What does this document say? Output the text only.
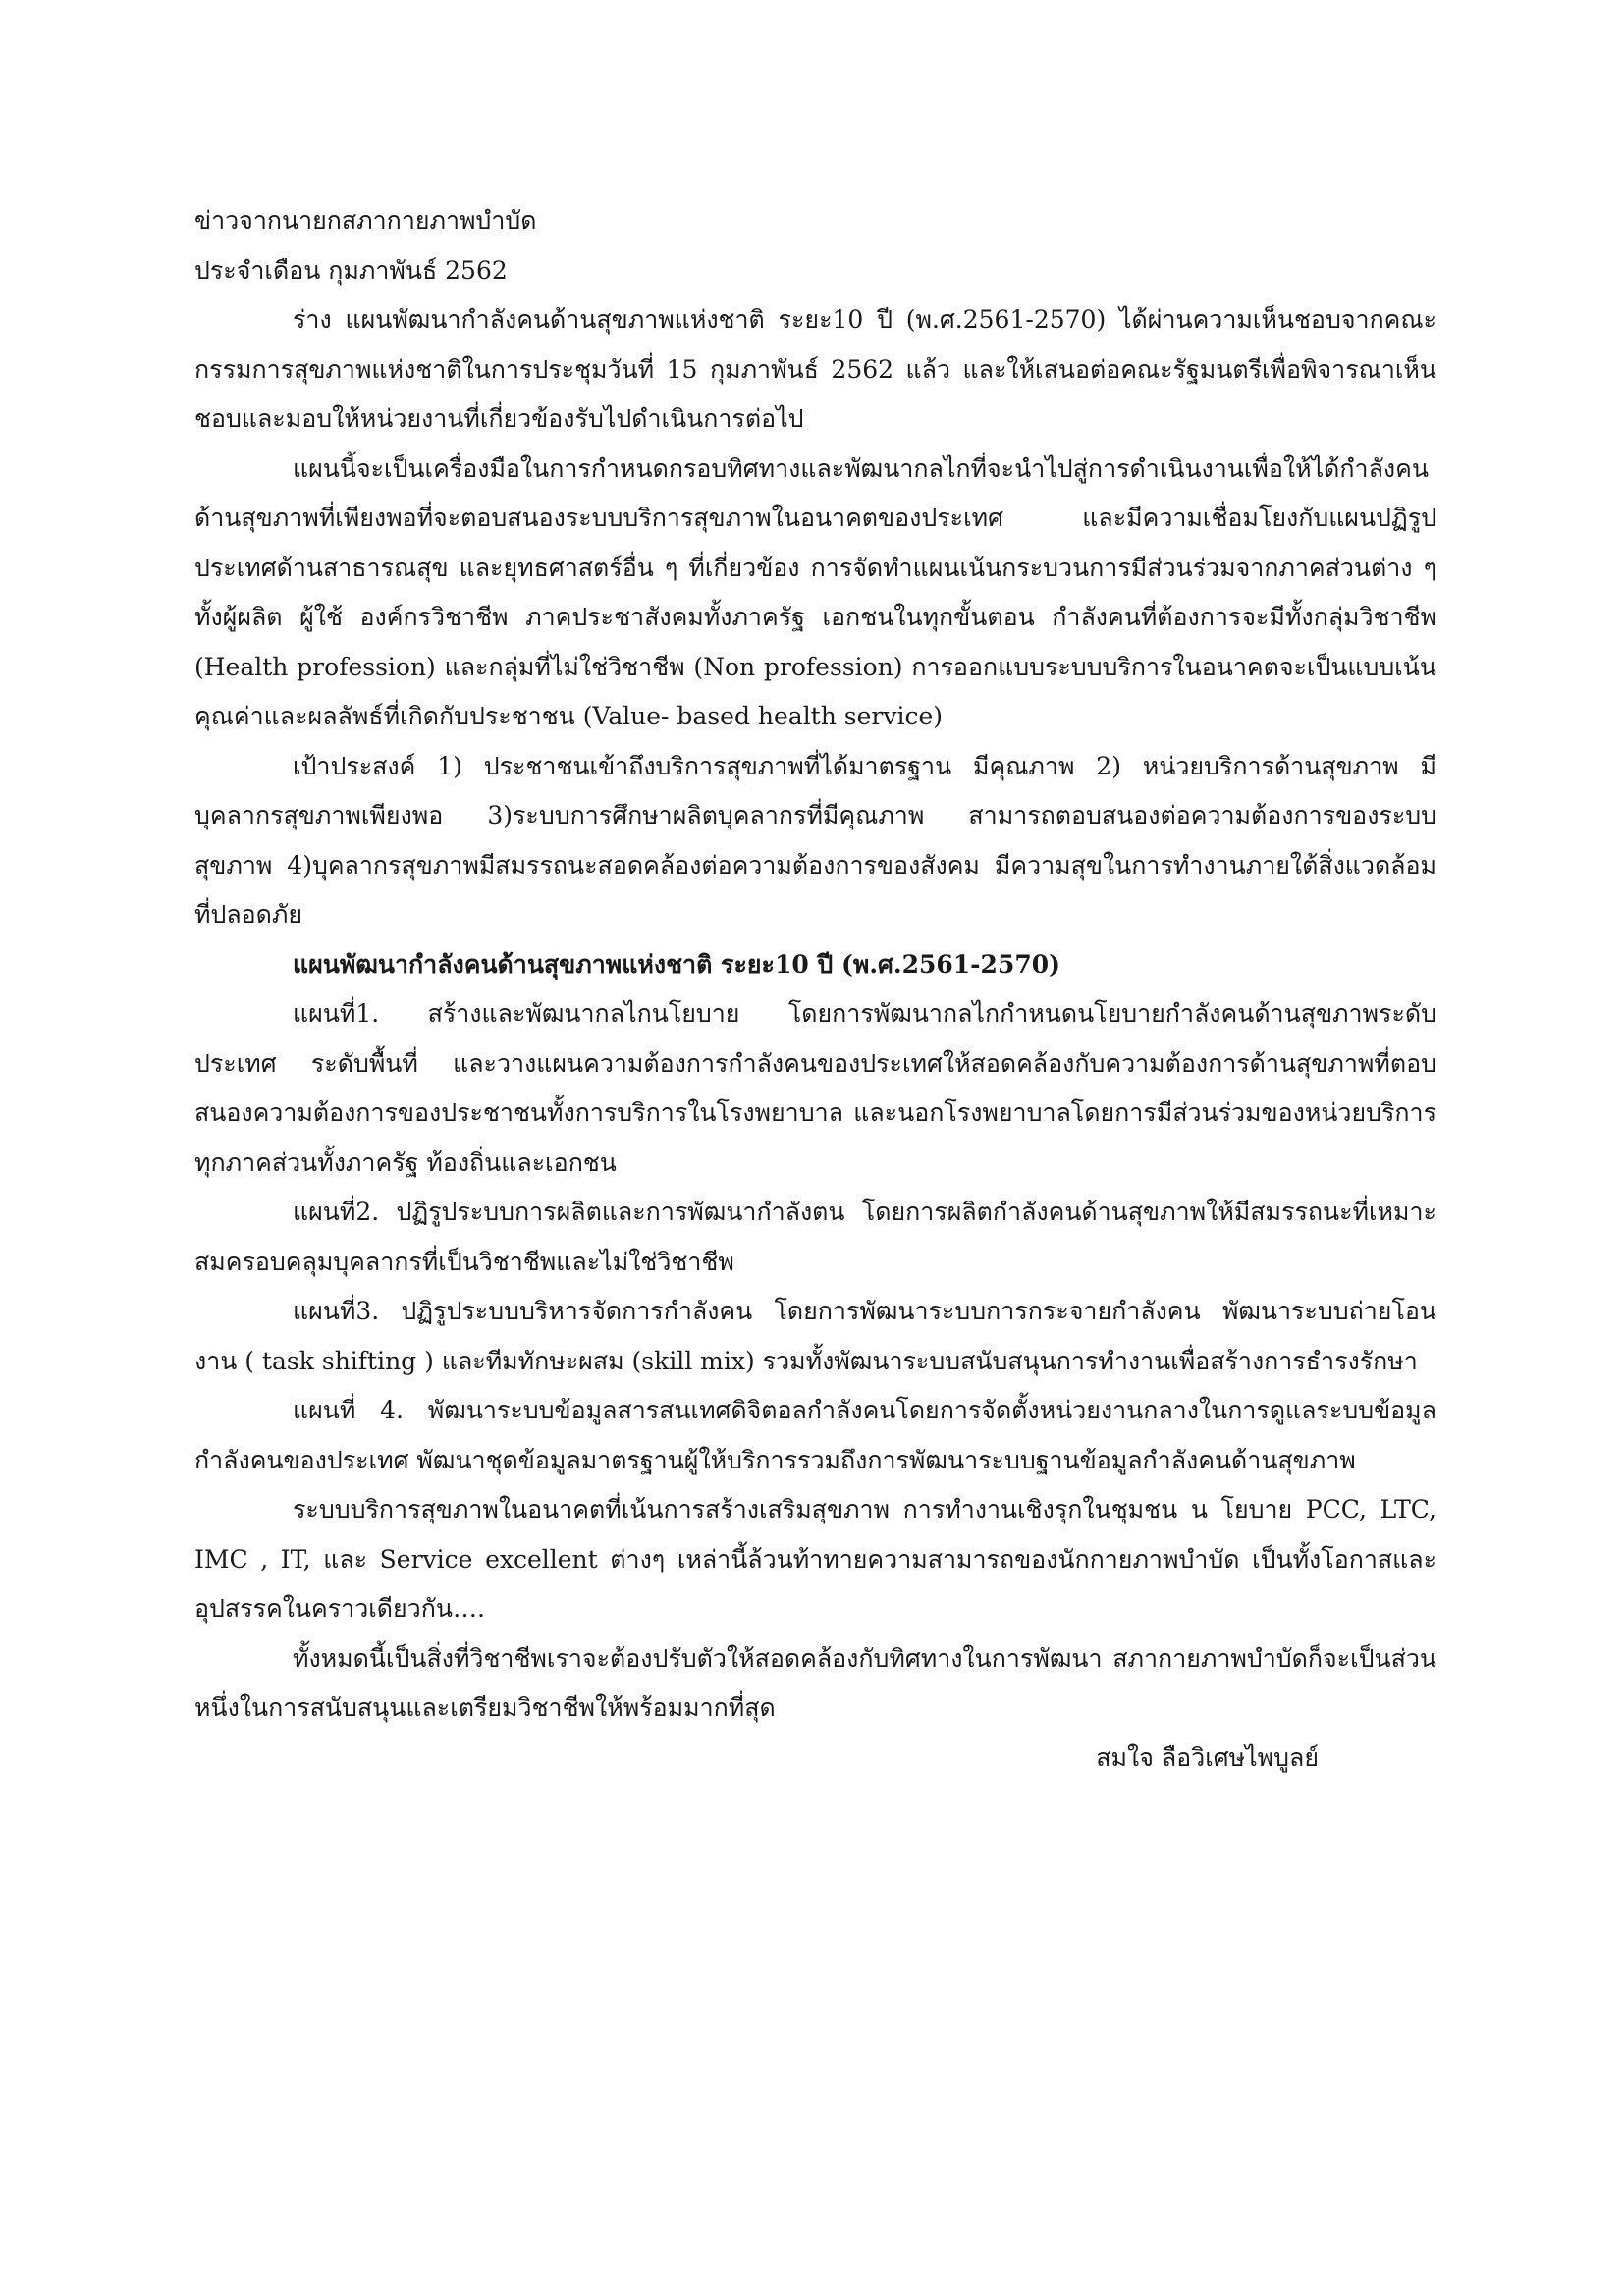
ข่าวจากนายกสภากายภาพบำบัด

ประจำเดือน กุมภาพันธ์ 2562

ร่าง แผนพัฒนากำลังคนด้านสุขภาพแห่งชาติ ระยะ10 ปี (พ.ศ.2561-2570) ได้ผ่านความเห็นชอบจากคณะกรรมการสุขภาพแห่งชาติในการประชุมวันที่ 15 กุมภาพันธ์ 2562 แล้ว และให้เสนอต่อคณะรัฐมนตรีเพื่อพิจารณาเห็นชอบและมอบให้หน่วยงานที่เกี่ยวข้องรับไปดำเนินการต่อไป

แผนนี้จะเป็นเครื่องมือในการกำหนดกรอบทิศทางและพัฒนากลไกที่จะนำไปสู่การดำเนินงานเพื่อให้ได้กำลังคนด้านสุขภาพที่เพียงพอที่จะตอบสนองระบบบริการสุขภาพในอนาคตของประเทศ และมีความเชื่อมโยงกับแผนปฏิรูปประเทศด้านสาธารณสุข และยุทธศาสตร์อื่น ๆ ที่เกี่ยวข้อง การจัดทำแผนเน้นกระบวนการมีส่วนร่วมจากภาคส่วนต่าง ๆ ทั้งผู้ผลิต ผู้ใช้ องค์กรวิชาชีพ ภาคประชาสังคมทั้งภาครัฐ เอกชนในทุกขั้นตอน กำลังคนที่ต้องการจะมีทั้งกลุ่มวิชาชีพ (Health profession) และกลุ่มที่ไม่ใช่วิชาชีพ (Non profession) การออกแบบระบบบริการในอนาคตจะเป็นแบบเน้นคุณค่าและผลลัพธ์ที่เกิดกับประชาชน (Value- based health service)

เป้าประสงค์ 1) ประชาชนเข้าถึงบริการสุขภาพที่ได้มาตรฐาน มีคุณภาพ 2) หน่วยบริการด้านสุขภาพ มีบุคลากรสุขภาพเพียงพอ 3)ระบบการศึกษาผลิตบุคลากรที่มีคุณภาพ สามารถตอบสนองต่อความต้องการของระบบสุขภาพ 4)บุคลากรสุขภาพมีสมรรถนะสอดคล้องต่อความต้องการของสังคม มีความสุขในการทำงานภายใต้สิ่งแวดล้อมที่ปลอดภัย

แผนพัฒนากำลังคนด้านสุขภาพแห่งชาติ ระยะ10 ปี (พ.ศ.2561-2570)

แผนที่1. สร้างและพัฒนากลไกนโยบาย โดยการพัฒนากลไกกำหนดนโยบายกำลังคนด้านสุขภาพระดับประเทศ ระดับพื้นที่ และวางแผนความต้องการกำลังคนของประเทศให้สอดคล้องกับความต้องการด้านสุขภาพที่ตอบสนองความต้องการของประชาชนทั้งการบริการในโรงพยาบาล และนอกโรงพยาบาลโดยการมีส่วนร่วมของหน่วยบริการทุกภาคส่วนทั้งภาครัฐ ท้องถิ่นและเอกชน

แผนที่2. ปฏิรูประบบการผลิตและการพัฒนากำลังตน โดยการผลิตกำลังคนด้านสุขภาพให้มีสมรรถนะที่เหมาะสมครอบคลุมบุคลากรที่เป็นวิชาชีพและไม่ใช่วิชาชีพ

แผนที่3. ปฏิรูประบบบริหารจัดการกำลังคน โดยการพัฒนาระบบการกระจายกำลังคน พัฒนาระบบถ่ายโอนงาน ( task shifting ) และทีมทักษะผสม (skill mix) รวมทั้งพัฒนาระบบสนับสนุนการทำงานเพื่อสร้างการธำรงรักษา

แผนที่ 4. พัฒนาระบบข้อมูลสารสนเทศดิจิตอลกำลังคนโดยการจัดตั้งหน่วยงานกลางในการดูแลระบบข้อมูลกำลังคนของประเทศ พัฒนาชุดข้อมูลมาตรฐานผู้ให้บริการรวมถึงการพัฒนาระบบฐานข้อมูลกำลังคนด้านสุขภาพ

ระบบบริการสุขภาพในอนาคตที่เน้นการสร้างเสริมสุขภาพ การทำงานเชิงรุกในชุมชน น โยบาย PCC, LTC, IMC , IT, และ Service excellent ต่างๆ เหล่านี้ล้วนท้าทายความสามารถของนักกายภาพบำบัด เป็นทั้งโอกาสและอุปสรรคในคราวเดียวกัน….

ทั้งหมดนี้เป็นสิ่งที่วิชาชีพเราจะต้องปรับตัวให้สอดคล้องกับทิศทางในการพัฒนา สภากายภาพบำบัดก็จะเป็นส่วนหนึ่งในการสนับสนุนและเตรียมวิชาชีพให้พร้อมมากที่สุด

สมใจ ลือวิเศษไพบูลย์
